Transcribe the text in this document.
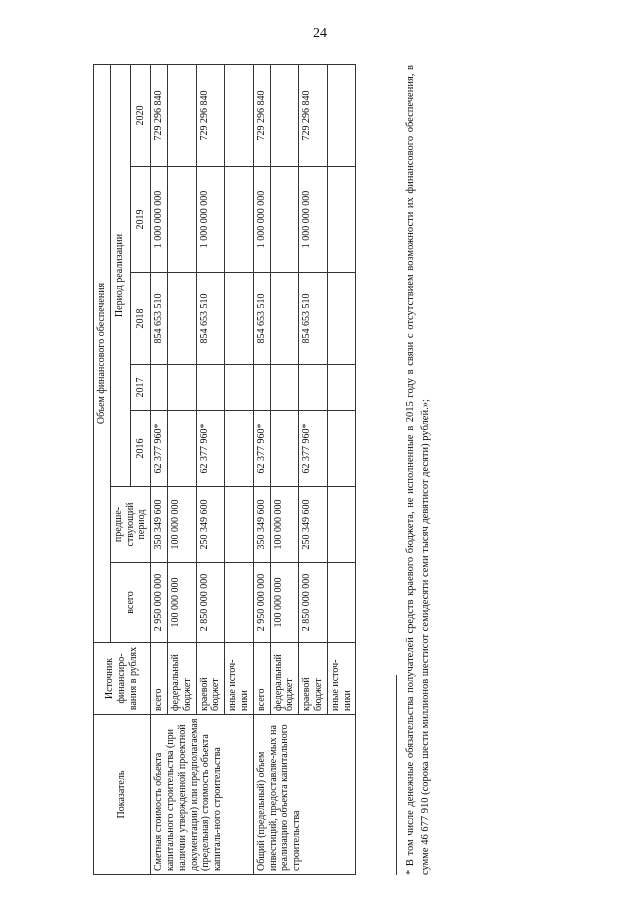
24
Показатель	Источник финансиро-вания в рублях	Объем финансового обеспечения						
		всего	предше-ствующий период	Период реализации				
				2016	2017	2018	2019	2020
Сметная стоимость объекта капитального строительства (при наличии утвержденной проектной документации) или предполагаемая (предельная) стоимость объекта капиталь-ного строительства	всего	2 950 000 000	350 349 600	62 377 960*		854 653 510	1 000 000 000	729 296 840
	федеральный бюджет	100 000 000	100 000 000					
	краевой бюджет	2 850 000 000	250 349 600	62 377 960*		854 653 510	1 000 000 000	729 296 840
	иные источ-ники							
Общий (предельный) объем инвестиций, предоставляе-мых на реализацию объекта капитального строительства	всего	2 950 000 000	350 349 600	62 377 960*		854 653 510	1 000 000 000	729 296 840
	федеральный бюджет	100 000 000	100 000 000					
	краевой бюджет	2 850 000 000	250 349 600	62 377 960*		854 653 510	1 000 000 000	729 296 840
	иные источ-ники								* В том числе денежные обязательства получателей средств краевого бюджета, не исполненные в 2015 году в связи с отсутствием возможности их финансового обеспечения, в сумме 46 677 910 (сорока шести миллионов шестисот семидесяти семи тысяч девятисот десяти) рублей.»;
